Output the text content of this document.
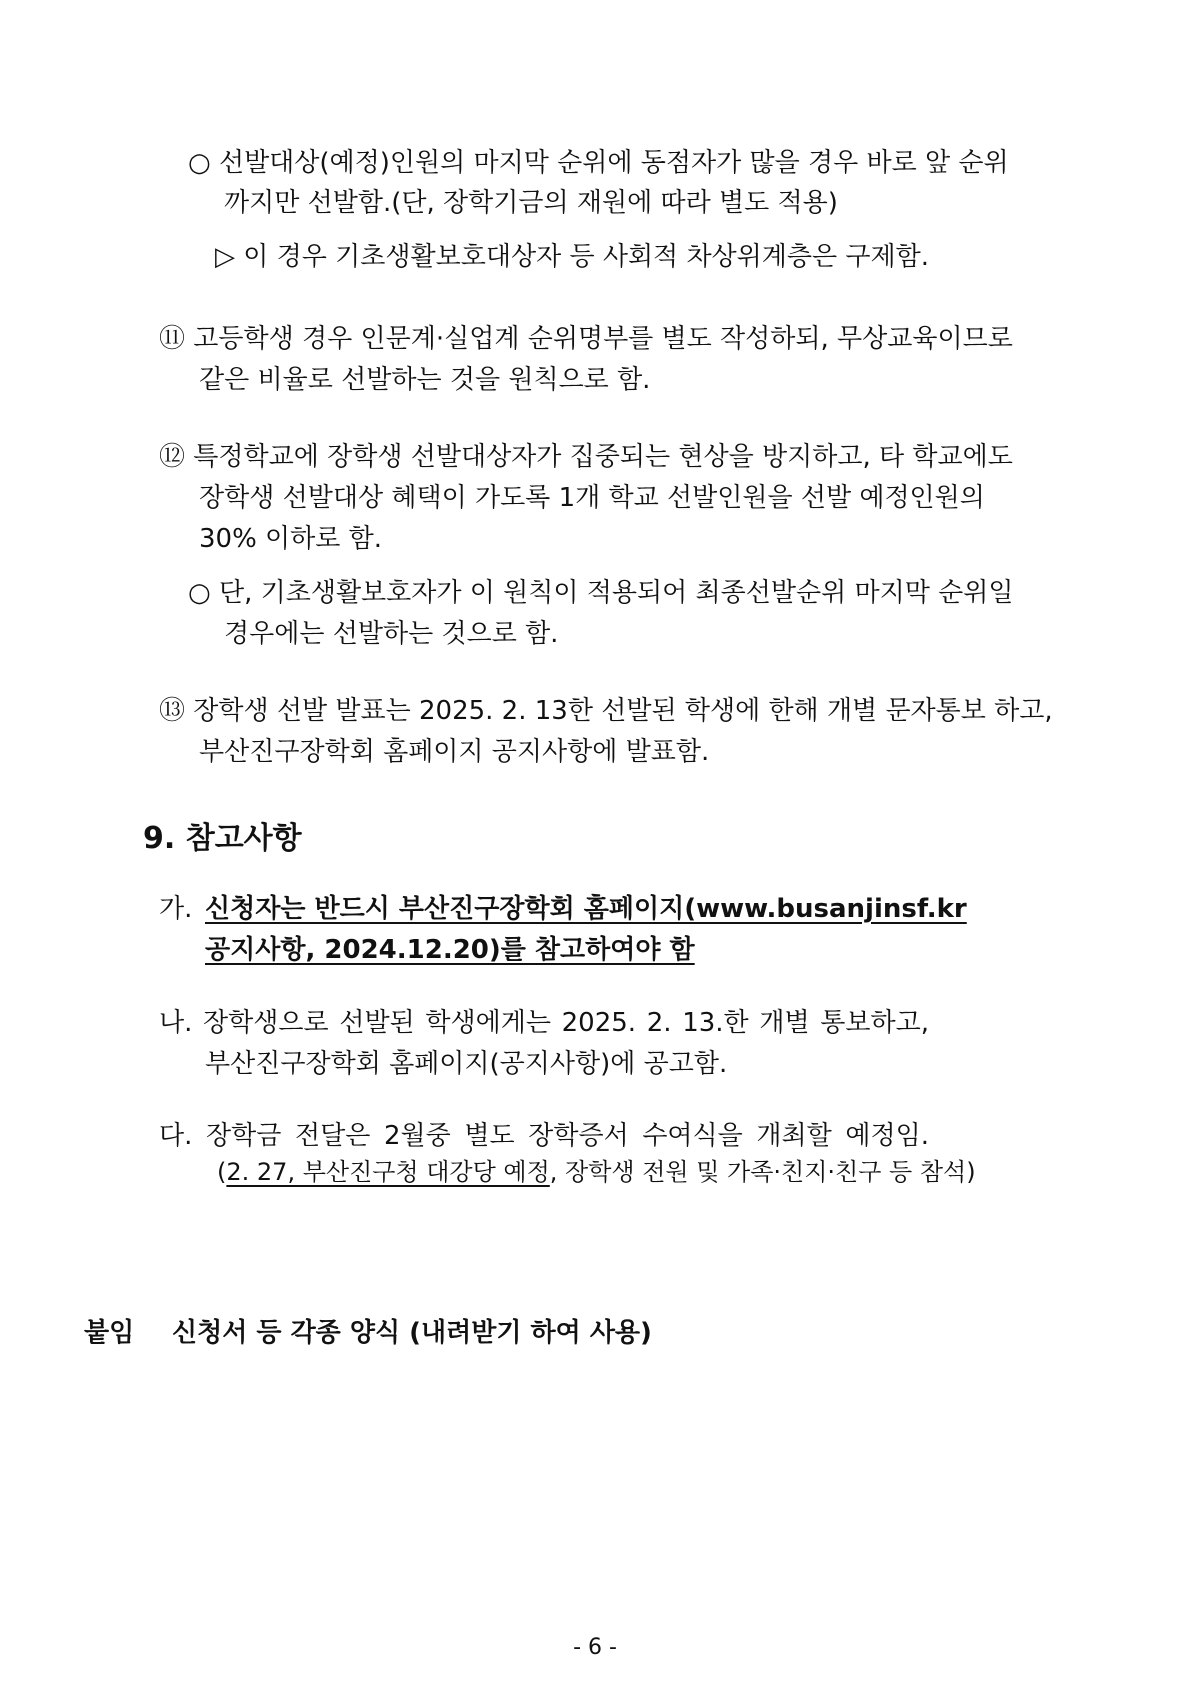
○ 선발대상(예정)인원의 마지막 순위에 동점자가 많을 경우 바로 앞 순위
까지만 선발함.(단, 장학기금의 재원에 따라 별도 적용)
▷ 이 경우 기초생활보호대상자 등 사회적 차상위계층은 구제함.
⑪ 고등학생 경우 인문계·실업계 순위명부를 별도 작성하되, 무상교육이므로
같은 비율로 선발하는 것을 원칙으로 함.
⑫ 특정학교에 장학생 선발대상자가 집중되는 현상을 방지하고, 타 학교에도
장학생 선발대상 혜택이 가도록 1개 학교 선발인원을 선발 예정인원의
30% 이하로 함.
○ 단, 기초생활보호자가 이 원칙이 적용되어 최종선발순위 마지막 순위일
경우에는 선발하는 것으로 함.
⑬ 장학생 선발 발표는 2025. 2. 13한 선발된 학생에 한해 개별 문자통보 하고,
부산진구장학회 홈페이지 공지사항에 발표함.
9. 참고사항
가. 신청자는 반드시 부산진구장학회 홈페이지(www.busanjinsf.kr
공지사항, 2024.12.20)를 참고하여야 함
나. 장학생으로 선발된 학생에게는 2025. 2. 13.한 개별 통보하고,
부산진구장학회 홈페이지(공지사항)에 공고함.
다. 장학금 전달은 2월중 별도 장학증서 수여식을 개최할 예정임.
(2. 27, 부산진구청 대강당 예정, 장학생 전원 및 가족·친지·친구 등 참석)
붙임 신청서 등 각종 양식 (내려받기 하여 사용)
- 6 -
